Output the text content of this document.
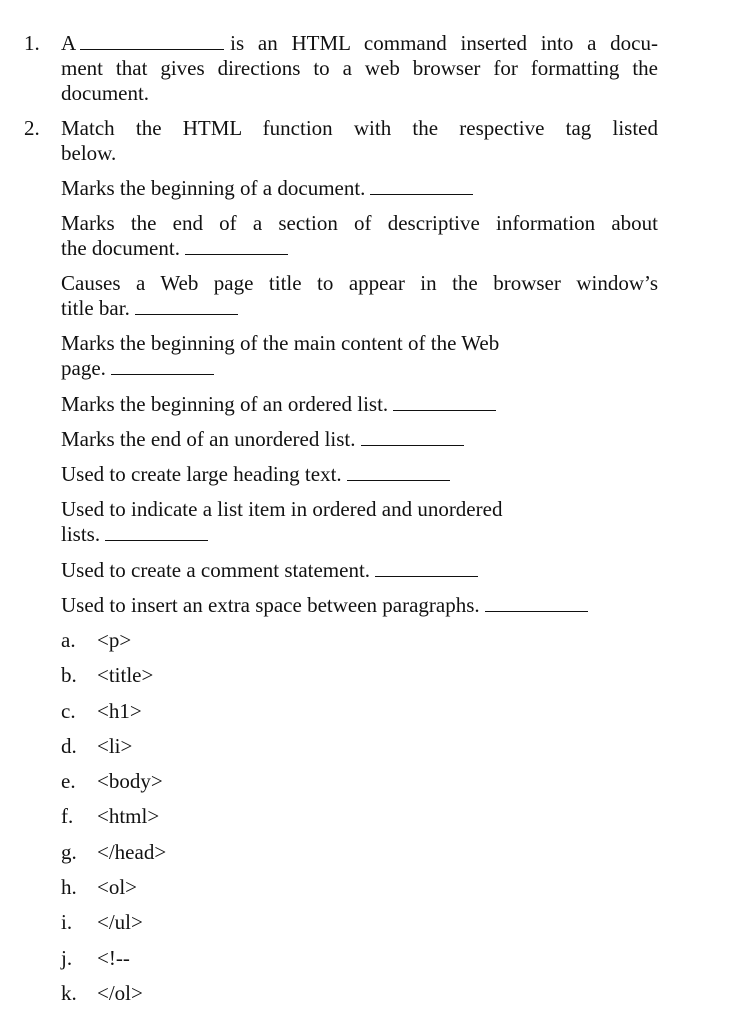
1. A	is an HTML command inserted into a docu-
ment that gives directions to a web browser for formatting the
document.
2. Match the HTML function with the respective tag listed
below.
Marks the beginning of a document.
Marks the end of a section of descriptive information about
the document.
Causes a Web page title to appear in the browser window’s
title bar.
Marks the beginning of the main content of the Web
page.
Marks the beginning of an ordered list.
Marks the end of an unordered list.
Used to create large heading text.
Used to indicate a list item in ordered and unordered
lists.
Used to create a comment statement.
Used to insert an extra space between paragraphs.
a. <p>
b. <title>
c. <h1>
d. <li>
e. <body>
f. <html>
g. </head>
h. <ol>
i. </ul>
j. <!--
k. </ol>
